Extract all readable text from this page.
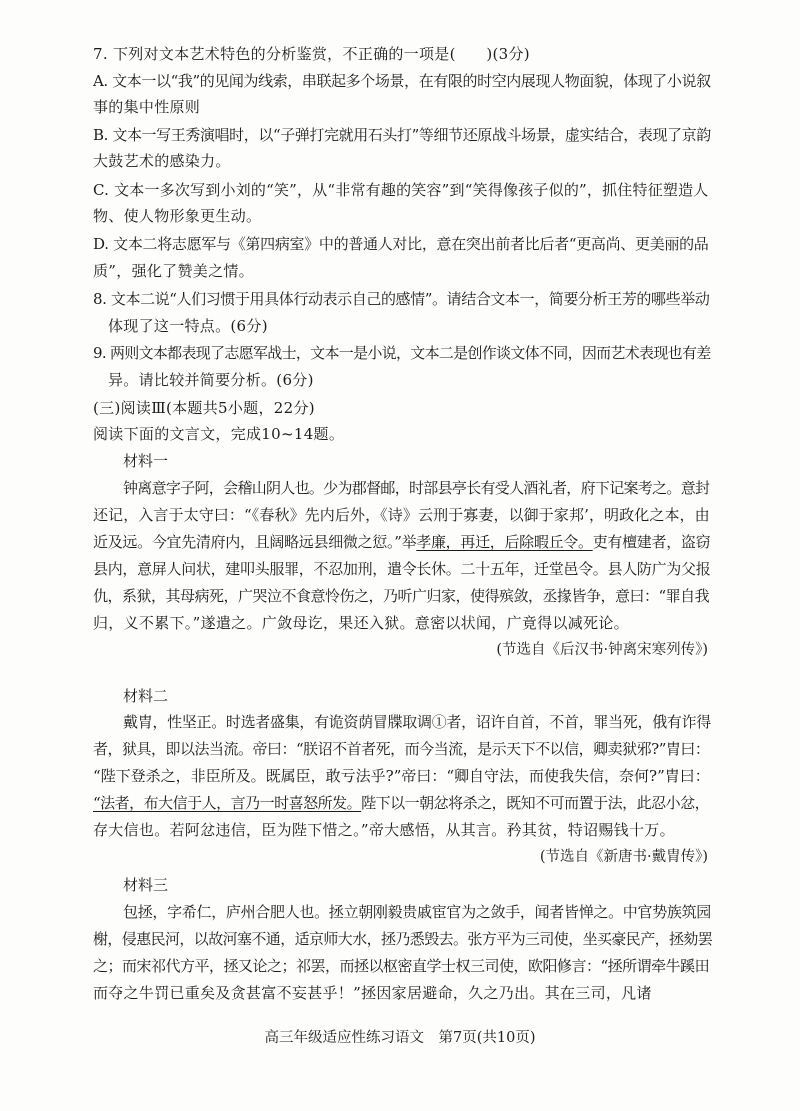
7. 下列对文本艺术特色的分析鉴赏，不正确的一项是(　　)(3分)
A. 文本一以“我”的见闻为线索，串联起多个场景，在有限的时空内展现人物面貌，体现了小说叙
事的集中性原则
B. 文本一写王秀演唱时，以“子弹打完就用石头打”等细节还原战斗场景，虚实结合，表现了京韵
大鼓艺术的感染力。
C. 文本一多次写到小刘的“笑”，从“非常有趣的笑容”到“笑得像孩子似的”，抓住特征塑造人
物、使人物形象更生动。
D. 文本二将志愿军与《第四病室》中的普通人对比，意在突出前者比后者“更高尚、更美丽的品
质”，强化了赞美之情。
8. 文本二说“人们习惯于用具体行动表示自己的感情”。请结合文本一，简要分析王芳的哪些举动
体现了这一特点。(6分)
9. 两则文本都表现了志愿军战士，文本一是小说，文本二是创作谈文体不同，因而艺术表现也有差
异。请比较并简要分析。(6分)
(三)阅读Ⅲ(本题共5小题，22分)
阅读下面的文言文，完成10~14题。
材料一
钟离意字子阿，会稽山阴人也。少为郡督邮，时部县亭长有受人酒礼者，府下记案考之。意封
还记，入言于太守曰：“《春秋》先内后外，《诗》云刑于寡妻，以御于家邦’，明政化之本，由
近及远。今宜先清府内，且阔略远县细微之愆。”举孝廉，再迁，后除暇丘令。吏有檀建者，盗窃
县内，意屏人问状，建叩头服罪，不忍加刑，遣令长休。二十五年，迁堂邑令。县人防广为父报
仇，系狱，其母病死，广哭泣不食意怜伤之，乃听广归家，使得殡敛，丞掾皆争，意曰：“罪自我
归，义不累下。”遂遣之。广敛母讫，果还入狱。意密以状闻，广竟得以减死论。
(节选自《后汉书·钟离宋寒列传》)
材料二
戴胄，性坚正。时选者盛集，有诡资荫冒牒取调①者，诏许自首，不首，罪当死，俄有诈得
者，狱具，即以法当流。帝曰：“朕诏不首者死，而今当流，是示天下不以信，卿卖狱邪?”胄曰：
“陛下登杀之，非臣所及。既属臣，敢亏法乎?”帝曰：“卿自守法，而使我失信，奈何?”胄曰：
“法者，布大信于人，言乃一时喜怒所发。陛下以一朝忿将杀之，既知不可而置于法，此忍小忿，
存大信也。若阿忿违信，臣为陛下惜之。”帝大感悟，从其言。矜其贫，特诏赐钱十万。
(节选自《新唐书·戴胄传》)
材料三
包拯，字希仁，庐州合肥人也。拯立朝刚毅贵戚宦官为之敛手，闻者皆惮之。中官势族筑园
榭，侵惠民河，以故河塞不通，适京师大水，拯乃悉毁去。张方平为三司使，坐买豪民产，拯劾罢
之；而宋祁代方平，拯又论之；祁罢，而拯以枢密直学士权三司使，欧阳修言：“拯所谓牵牛蹊田
而夺之牛罚已重矣及贪甚富不妄甚乎！”拯因家居避命，久之乃出。其在三司，凡诸
高三年级适应性练习语文　第7页(共10页)
